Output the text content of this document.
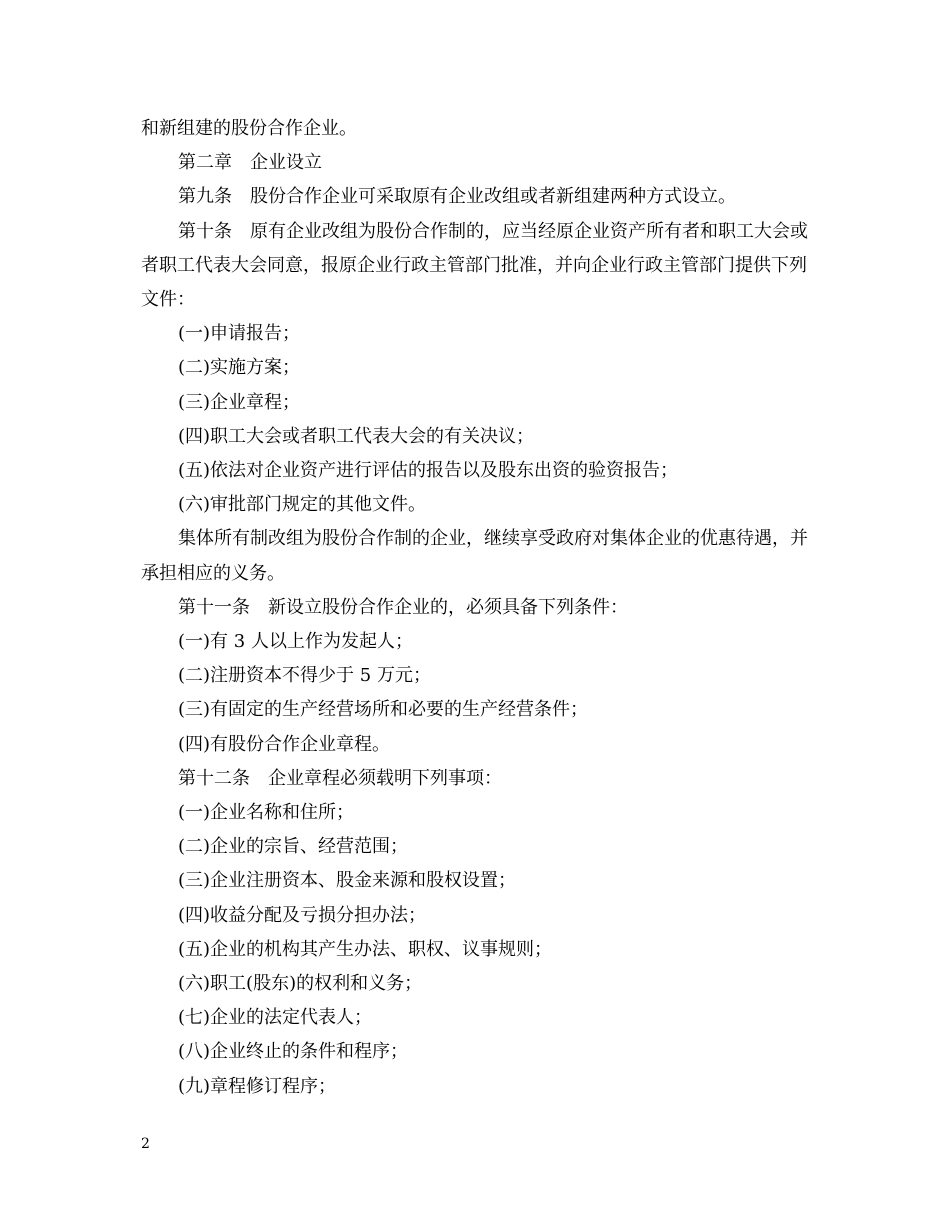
和新组建的股份合作企业。

第二章　企业设立

第九条　股份合作企业可采取原有企业改组或者新组建两种方式设立。

第十条　原有企业改组为股份合作制的，应当经原企业资产所有者和职工大会或者职工代表大会同意，报原企业行政主管部门批准，并向企业行政主管部门提供下列文件：

(一)申请报告；

(二)实施方案；

(三)企业章程；

(四)职工大会或者职工代表大会的有关决议；

(五)依法对企业资产进行评估的报告以及股东出资的验资报告；

(六)审批部门规定的其他文件。

集体所有制改组为股份合作制的企业，继续享受政府对集体企业的优惠待遇，并承担相应的义务。

第十一条　新设立股份合作企业的，必须具备下列条件：

(一)有 3 人以上作为发起人；

(二)注册资本不得少于 5 万元；

(三)有固定的生产经营场所和必要的生产经营条件；

(四)有股份合作企业章程。

第十二条　企业章程必须载明下列事项：

(一)企业名称和住所；

(二)企业的宗旨、经营范围；

(三)企业注册资本、股金来源和股权设置；

(四)收益分配及亏损分担办法；

(五)企业的机构其产生办法、职权、议事规则；

(六)职工(股东)的权利和义务；

(七)企业的法定代表人；

(八)企业终止的条件和程序；

(九)章程修订程序；

2
